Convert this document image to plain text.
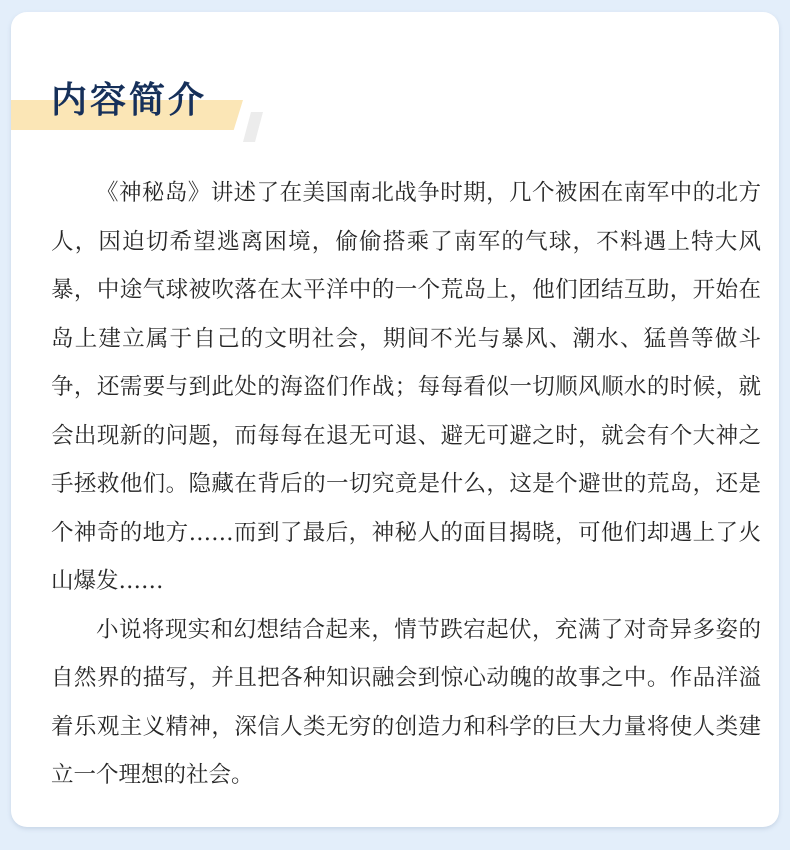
内容简介

《神秘岛》讲述了在美国南北战争时期，几个被困在南军中的北方人，因迫切希望逃离困境，偷偷搭乘了南军的气球，不料遇上特大风暴，中途气球被吹落在太平洋中的一个荒岛上，他们团结互助，开始在岛上建立属于自己的文明社会，期间不光与暴风、潮水、猛兽等做斗争，还需要与到此处的海盗们作战；每每看似一切顺风顺水的时候，就会出现新的问题，而每每在退无可退、避无可避之时，就会有个大神之手拯救他们。隐藏在背后的一切究竟是什么，这是个避世的荒岛，还是个神奇的地方……而到了最后，神秘人的面目揭晓，可他们却遇上了火山爆发……

小说将现实和幻想结合起来，情节跌宕起伏，充满了对奇异多姿的自然界的描写，并且把各种知识融会到惊心动魄的故事之中。作品洋溢着乐观主义精神，深信人类无穷的创造力和科学的巨大力量将使人类建立一个理想的社会。
